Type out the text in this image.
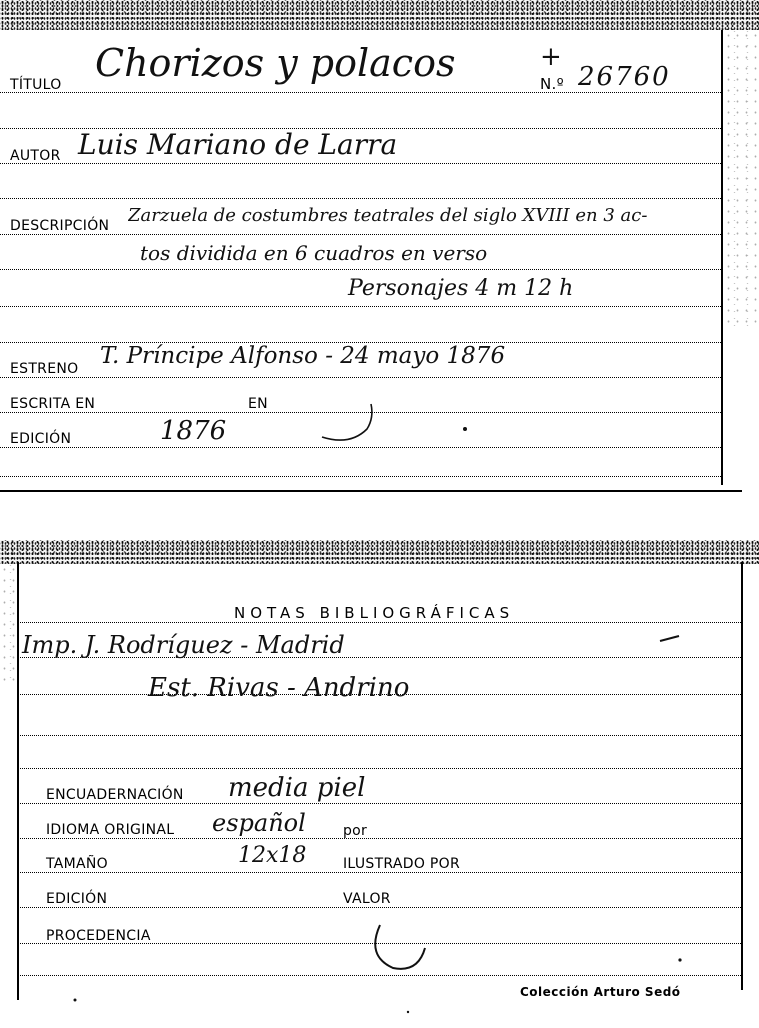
TÍTULO Chorizos y polacos	+
N.º 26760
AUTOR Luis Mariano de Larra
DESCRIPCIÓN Zarzuela de costumbres teatrales del siglo XVIII en 3 ac-
tos dividida en 6 cuadros en verso
Personajes 4 m 12 h
ESTRENO T. Príncipe Alfonso - 24 mayo 1876
ESCRITA EN	EN
EDICIÓN	1876
NOTAS BIBLIOGRÁFICAS
Imp. J. Rodríguez - Madrid
Est. Rivas - Andrino
ENCUADERNACIÓN media piel
IDIOMA ORIGINAL español	por
TAMAÑO	12x18	ILUSTRADO POR
EDICIÓN	VALOR
PROCEDENCIA
Colección Arturo Sedó
